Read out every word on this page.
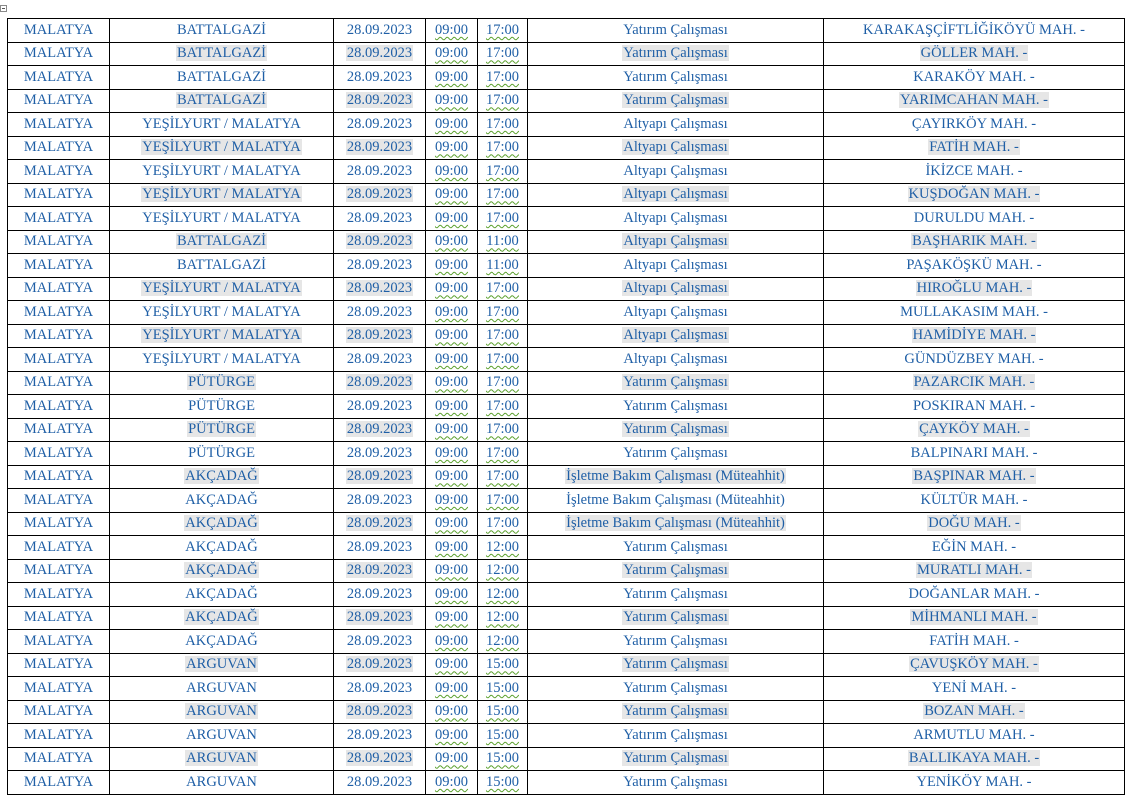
MALATYA	BATTALGAZİ	28.09.2023	09:00	17:00	Yatırım Çalışması	KARAKAŞÇİFTLİĞİKÖYÜ MAH. -
MALATYA	BATTALGAZİ	28.09.2023	09:00	17:00	Yatırım Çalışması	GÖLLER MAH. -
MALATYA	BATTALGAZİ	28.09.2023	09:00	17:00	Yatırım Çalışması	KARAKÖY MAH. -
MALATYA	BATTALGAZİ	28.09.2023	09:00	17:00	Yatırım Çalışması	YARIMCAHAN MAH. -
MALATYA	YEŞİLYURT / MALATYA	28.09.2023	09:00	17:00	Altyapı Çalışması	ÇAYIRKÖY MAH. -
MALATYA	YEŞİLYURT / MALATYA	28.09.2023	09:00	17:00	Altyapı Çalışması	FATİH MAH. -
MALATYA	YEŞİLYURT / MALATYA	28.09.2023	09:00	17:00	Altyapı Çalışması	İKİZCE MAH. -
MALATYA	YEŞİLYURT / MALATYA	28.09.2023	09:00	17:00	Altyapı Çalışması	KUŞDOĞAN MAH. -
MALATYA	YEŞİLYURT / MALATYA	28.09.2023	09:00	17:00	Altyapı Çalışması	DURULDU MAH. -
MALATYA	BATTALGAZİ	28.09.2023	09:00	11:00	Altyapı Çalışması	BAŞHARIK MAH. -
MALATYA	BATTALGAZİ	28.09.2023	09:00	11:00	Altyapı Çalışması	PAŞAKÖŞKÜ MAH. -
MALATYA	YEŞİLYURT / MALATYA	28.09.2023	09:00	17:00	Altyapı Çalışması	HIROĞLU MAH. -
MALATYA	YEŞİLYURT / MALATYA	28.09.2023	09:00	17:00	Altyapı Çalışması	MULLAKASIM MAH. -
MALATYA	YEŞİLYURT / MALATYA	28.09.2023	09:00	17:00	Altyapı Çalışması	HAMİDİYE MAH. -
MALATYA	YEŞİLYURT / MALATYA	28.09.2023	09:00	17:00	Altyapı Çalışması	GÜNDÜZBEY MAH. -
MALATYA	PÜTÜRGE	28.09.2023	09:00	17:00	Yatırım Çalışması	PAZARCIK MAH. -
MALATYA	PÜTÜRGE	28.09.2023	09:00	17:00	Yatırım Çalışması	POSKIRAN MAH. -
MALATYA	PÜTÜRGE	28.09.2023	09:00	17:00	Yatırım Çalışması	ÇAYKÖY MAH. -
MALATYA	PÜTÜRGE	28.09.2023	09:00	17:00	Yatırım Çalışması	BALPINARI MAH. -
MALATYA	AKÇADAĞ	28.09.2023	09:00	17:00	İşletme Bakım Çalışması (Müteahhit)	BAŞPINAR MAH. -
MALATYA	AKÇADAĞ	28.09.2023	09:00	17:00	İşletme Bakım Çalışması (Müteahhit)	KÜLTÜR MAH. -
MALATYA	AKÇADAĞ	28.09.2023	09:00	17:00	İşletme Bakım Çalışması (Müteahhit)	DOĞU MAH. -
MALATYA	AKÇADAĞ	28.09.2023	09:00	12:00	Yatırım Çalışması	EĞİN MAH. -
MALATYA	AKÇADAĞ	28.09.2023	09:00	12:00	Yatırım Çalışması	MURATLI MAH. -
MALATYA	AKÇADAĞ	28.09.2023	09:00	12:00	Yatırım Çalışması	DOĞANLAR MAH. -
MALATYA	AKÇADAĞ	28.09.2023	09:00	12:00	Yatırım Çalışması	MİHMANLI MAH. -
MALATYA	AKÇADAĞ	28.09.2023	09:00	12:00	Yatırım Çalışması	FATİH MAH. -
MALATYA	ARGUVAN	28.09.2023	09:00	15:00	Yatırım Çalışması	ÇAVUŞKÖY MAH. -
MALATYA	ARGUVAN	28.09.2023	09:00	15:00	Yatırım Çalışması	YENİ MAH. -
MALATYA	ARGUVAN	28.09.2023	09:00	15:00	Yatırım Çalışması	BOZAN MAH. -
MALATYA	ARGUVAN	28.09.2023	09:00	15:00	Yatırım Çalışması	ARMUTLU MAH. -
MALATYA	ARGUVAN	28.09.2023	09:00	15:00	Yatırım Çalışması	BALLIKAYA MAH. -
MALATYA	ARGUVAN	28.09.2023	09:00	15:00	Yatırım Çalışması	YENİKÖY MAH. -
